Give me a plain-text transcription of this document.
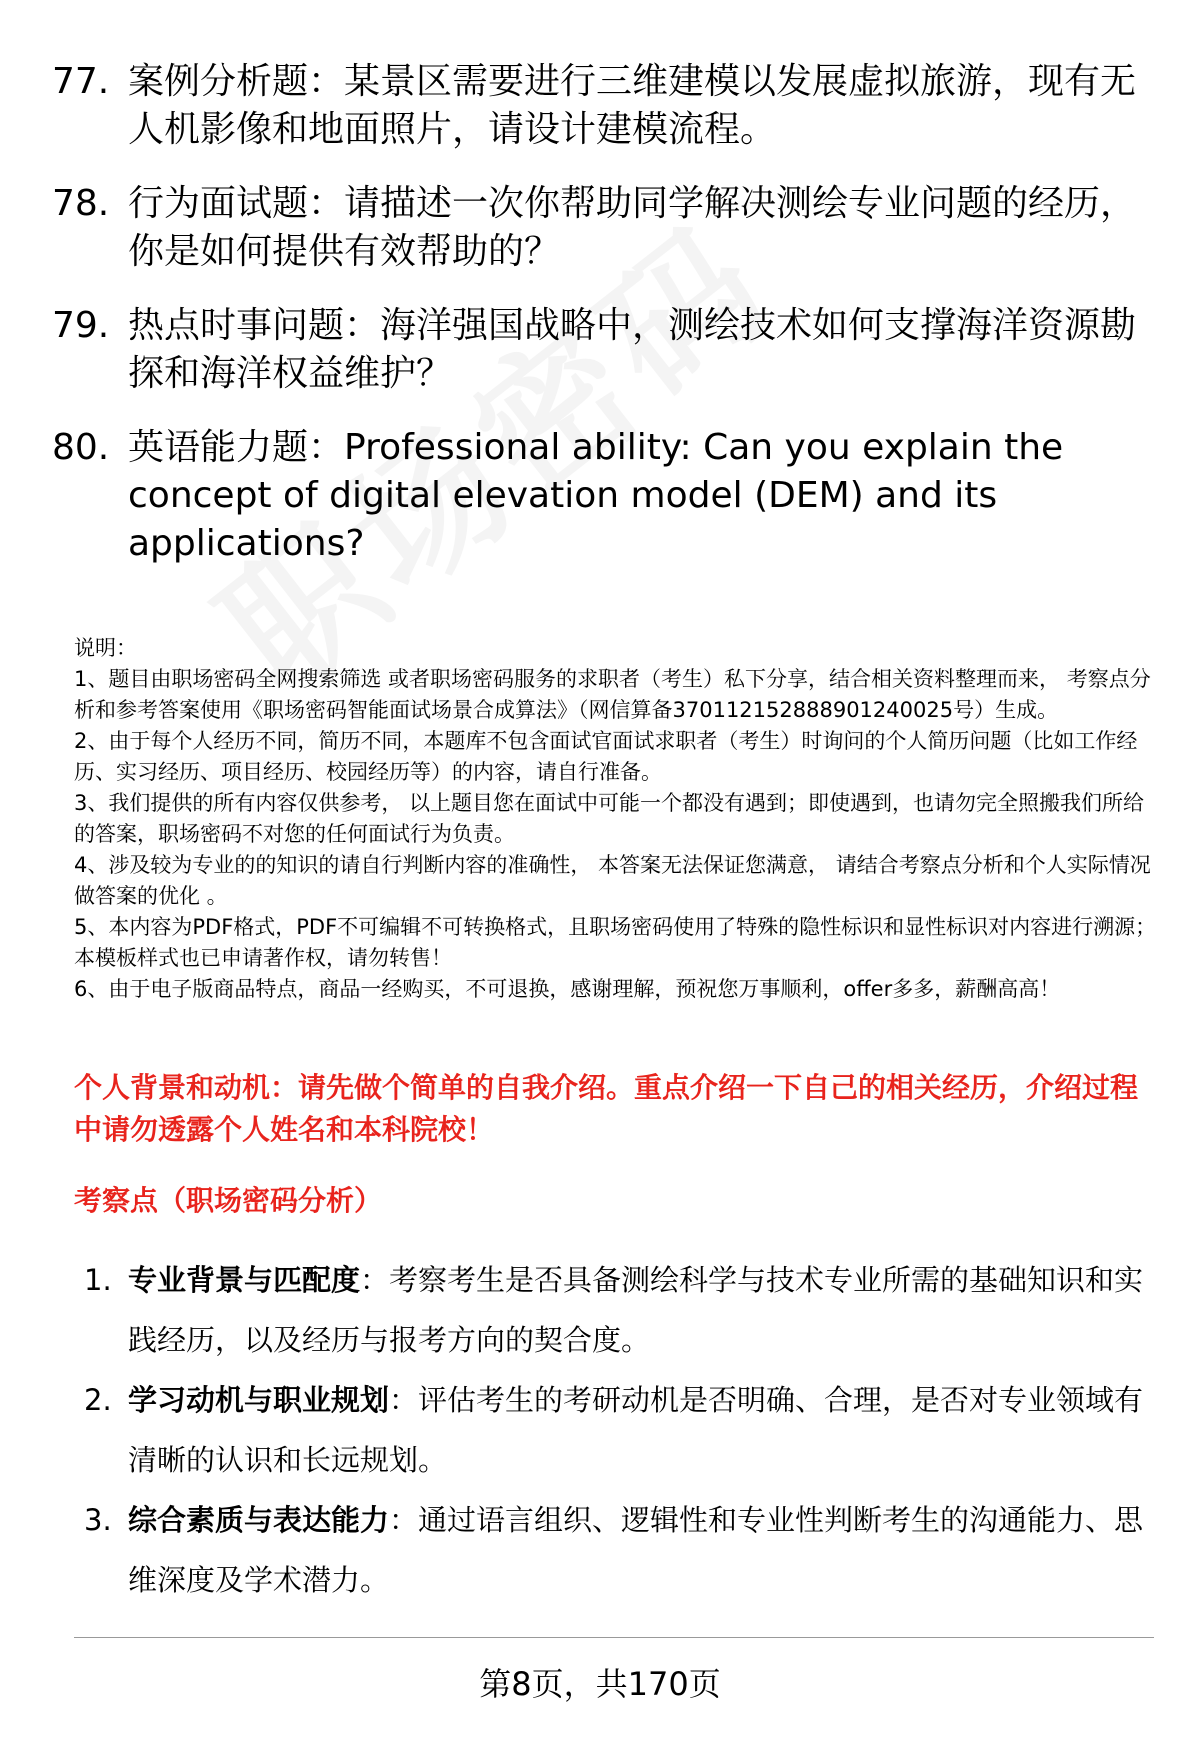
77. 案例分析题：某景区需要进行三维建模以发展虚拟旅游，现有无人机影像和地面照片，请设计建模流程。
78. 行为面试题：请描述一次你帮助同学解决测绘专业问题的经历，你是如何提供有效帮助的？
79. 热点时事问题：海洋强国战略中，测绘技术如何支撑海洋资源勘探和海洋权益维护？
80. 英语能力题：Professional ability: Can you explain the concept of digital elevation model (DEM) and its applications?
说明：
1、题目由职场密码全网搜索筛选 或者职场密码服务的求职者（考生）私下分享，结合相关资料整理而来， 考察点分析和参考答案使用《职场密码智能面试场景合成算法》（网信算备370112152888901240025号）生成。
2、由于每个人经历不同，简历不同，本题库不包含面试官面试求职者（考生）时询问的个人简历问题（比如工作经历、实习经历、项目经历、校园经历等）的内容，请自行准备。
3、我们提供的所有内容仅供参考， 以上题目您在面试中可能一个都没有遇到；即使遇到，也请勿完全照搬我们所给的答案，职场密码不对您的任何面试行为负责。
4、涉及较为专业的的知识的请自行判断内容的准确性， 本答案无法保证您满意， 请结合考察点分析和个人实际情况做答案的优化 。
5、本内容为PDF格式，PDF不可编辑不可转换格式，且职场密码使用了特殊的隐性标识和显性标识对内容进行溯源；本模板样式也已申请著作权，请勿转售！
6、由于电子版商品特点，商品一经购买，不可退换，感谢理解，预祝您万事顺利，offer多多，薪酬高高！
个人背景和动机：请先做个简单的自我介绍。重点介绍一下自己的相关经历，介绍过程中请勿透露个人姓名和本科院校！
考察点（职场密码分析）
1. 专业背景与匹配度：考察考生是否具备测绘科学与技术专业所需的基础知识和实践经历，以及经历与报考方向的契合度。
2. 学习动机与职业规划：评估考生的考研动机是否明确、合理，是否对专业领域有清晰的认识和长远规划。
3. 综合素质与表达能力：通过语言组织、逻辑性和专业性判断考生的沟通能力、思维深度及学术潜力。
第8页，共170页
